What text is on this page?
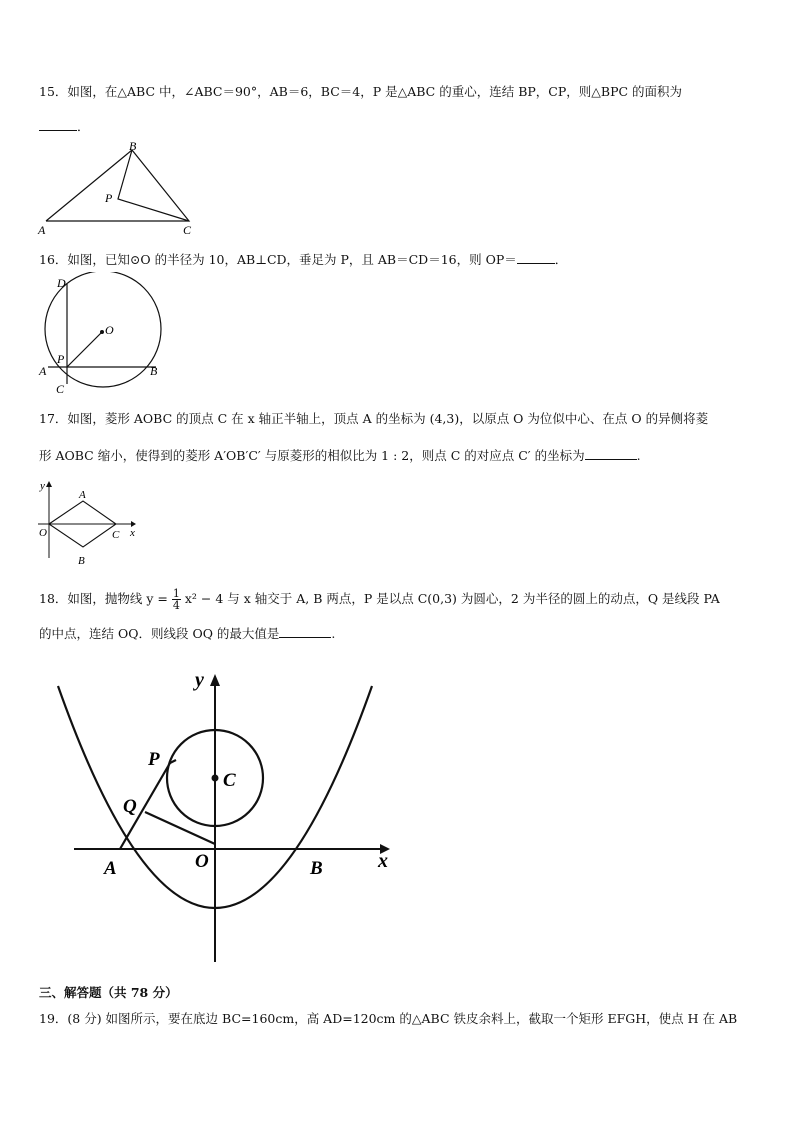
15．如图，在△ABC 中，∠ABC＝90°，AB＝6，BC＝4，P 是△ABC 的重心，连结 BP，CP，则△BPC 的面积为
．
B
P
A	C
16．如图，已知⊙O 的半径为 10，AB⊥CD，垂足为 P，且 AB＝CD＝16，则 OP＝	．
D
O
P
A
C
B
17．如图，菱形 AOBC 的顶点 C 在 x 轴正半轴上，顶点 A 的坐标为 (4,3)，以原点 O 为位似中心、在点 O 的异侧将菱
形 AOBC 缩小，使得到的菱形 A′OB′C′ 与原菱形的相似比为 1 : 2，则点 C 的对应点 C′ 的坐标为	.
y
x
A
O	C
B
18．如图，抛物线 $y = \frac{1}{4} x^2 - 4$ 与 x 轴交于 A, B 两点，P 是以点 C(0,3) 为圆心，2 为半径的圆上的动点，Q 是线段 PA
的中点，连结 OQ．则线段 OQ 的最大值是	.
y
x
P
C
Q
A	O	B
三、解答题（共 78 分）
19．(8 分) 如图所示，要在底边 BC=160cm，高 AD=120cm 的△ABC 铁皮余料上，截取一个矩形 EFGH，使点 H 在 AB
